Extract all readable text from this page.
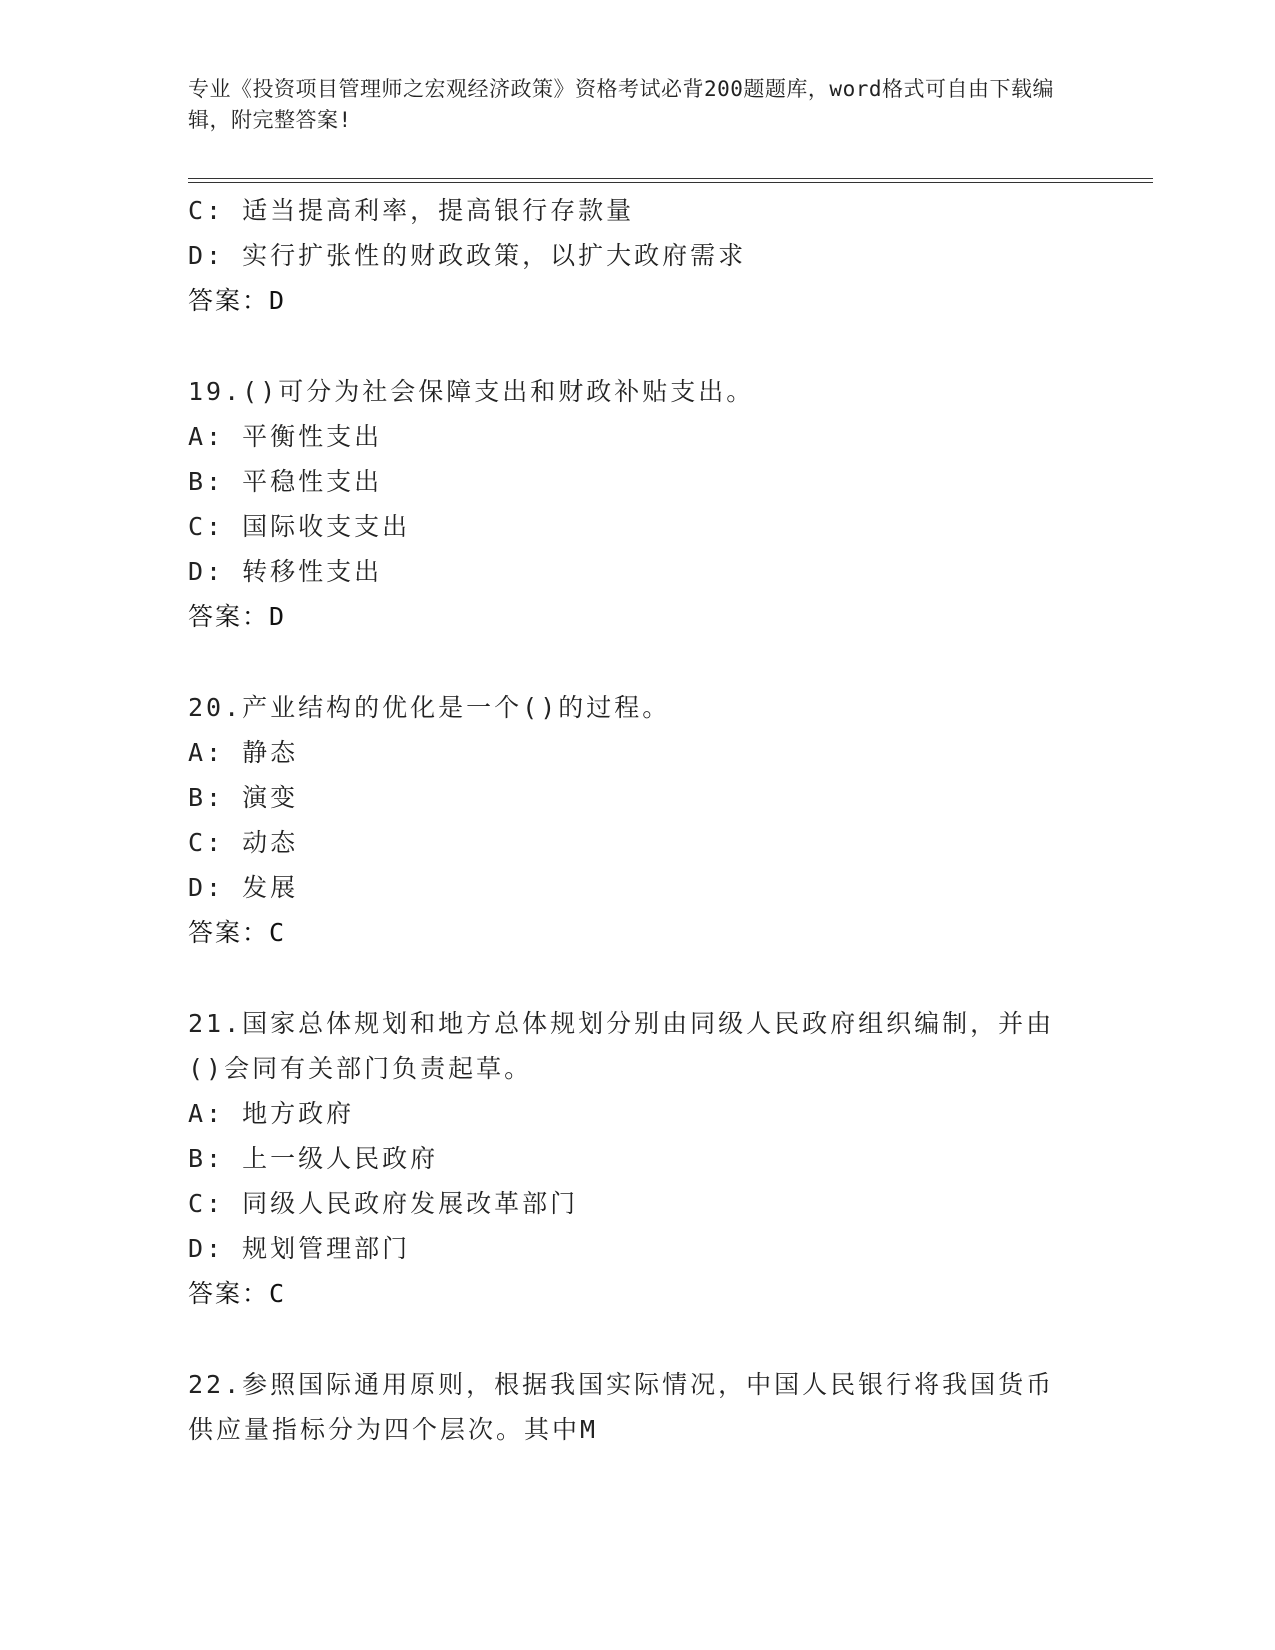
专业《投资项目管理师之宏观经济政策》资格考试必背200题题库，word格式可自由下载编辑，附完整答案!
C: 适当提高利率，提高银行存款量
D: 实行扩张性的财政政策，以扩大政府需求
答案：D
19.()可分为社会保障支出和财政补贴支出。
A: 平衡性支出
B: 平稳性支出
C: 国际收支支出
D: 转移性支出
答案：D
20.产业结构的优化是一个()的过程。
A: 静态
B: 演变
C: 动态
D: 发展
答案：C
21.国家总体规划和地方总体规划分别由同级人民政府组织编制，并由
()会同有关部门负责起草。
A: 地方政府
B: 上一级人民政府
C: 同级人民政府发展改革部门
D: 规划管理部门
答案：C
22.参照国际通用原则，根据我国实际情况，中国人民银行将我国货币
供应量指标分为四个层次。其中M
